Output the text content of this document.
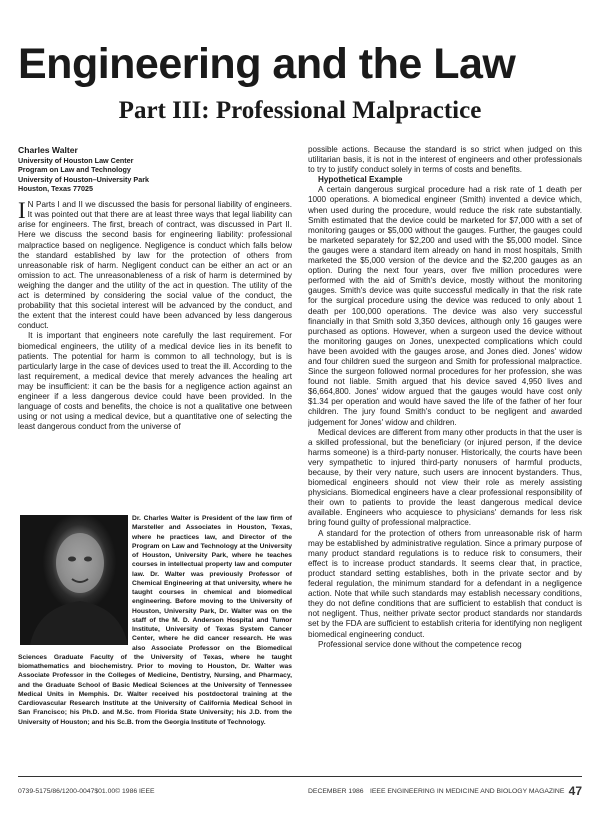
Engineering and the Law
Part III: Professional Malpractice
Charles Walter
University of Houston Law Center
Program on Law and Technology
University of Houston–University Park
Houston, Texas 77025

I N Parts I and II we discussed the basis for personal liability of engineers. It was pointed out that there are at least three ways that legal liability can arise for engineers. The first, breach of contract, was discussed in Part II. Here we discuss the second basis for engineering liability: professional malpractice based on negligence. Negligence is conduct which falls below the standard established by law for the protection of others from unreasonable risk of harm. Negligent conduct can be either an act or an omission to act. The unreasonableness of a risk of harm is determined by weighing the danger and the utility of the act in question. The utility of the act is determined by considering the social value of the conduct, the probability that this societal interest will be advanced by the conduct, and the extent that the interest could have been advanced by less dangerous conduct.

It is important that engineers note carefully the last requirement. For biomedical engineers, the utility of a medical device lies in its benefit to patients. The potential for harm is common to all technology, but is is particularly large in the case of devices used to treat the ill. According to the last requirement, a medical device that merely advances the healing art may be insufficient: it can be the basis for a negligence action against an engineer if a less dangerous device could have been provided. In the language of costs and benefits, the choice is not a qualitative one between using or not using a medical device, but a quantitative one of selecting the least dangerous conduct from the universe of

Dr. Charles Walter is President of the law firm of Marsteller and Associates in Houston, Texas, where he practices law, and Director of the Program on Law and Technology at the University of Houston, University Park, where he teaches courses in intellectual property law and computer law. Dr. Walter was previously Professor of Chemical Engineering at that university, where he taught courses in chemical and biomedical engineering. Before moving to the University of Houston, University Park, Dr. Walter was on the staff of the M. D. Anderson Hospital and Tumor Institute, University of Texas System Cancer Center, where he did cancer research. He was also Associate Professor on the Biomedical Sciences Graduate Faculty of the University of Texas, where he taught biomathematics and biochemistry. Prior to moving to Houston, Dr. Walter was Associate Professor in the Colleges of Medicine, Dentistry, Nursing, and Pharmacy, and the Graduate School of Basic Medical Sciences at the University of Tennessee Medical Units in Memphis. Dr. Walter received his postdoctoral training at the Cardiovascular Research Institute at the University of California Medical School in San Francisco; his Ph.D. and M.Sc. from Florida State University; his J.D. from the University of Houston; and his Sc.B. from the Georgia Institute of Technology.

possible actions. Because the standard is so strict when judged on this utilitarian basis, it is not in the interest of engineers and other professionals to try to justify conduct solely in terms of costs and benefits.

Hypothetical Example

A certain dangerous surgical procedure had a risk rate of 1 death per 1000 operations. A biomedical engineer (Smith) invented a device which, when used during the procedure, would reduce the risk rate substantially. Smith estimated that the device could be marketed for $7,000 with a set of monitoring gauges or $5,000 without the gauges. Further, the gauges could be marketed separately for $2,200 and used with the $5,000 model. Since the gauges were a standard item already on hand in most hospitals, Smith marketed the $5,000 version of the device and the $2,200 gauges as an option. During the next four years, over five million procedures were performed with the aid of Smith's device, mostly without the monitoring gauges. Smith's device was quite successful medically in that the risk rate for the surgical procedure using the device was reduced to only about 1 death per 100,000 operations. The device was also very successful financially in that Smith sold 3,350 devices, although only 16 gauges were purchased as options. However, when a surgeon used the device without the monitoring gauges on Jones, unexpected complications which could have been avoided with the gauges arose, and Jones died. Jones' widow and four children sued the surgeon and Smith for professional malpractice. Since the surgeon followed normal procedures for her profession, she was found not liable. Smith argued that his device saved 4,950 lives and $6,664,800. Jones' widow argued that the gauges would have cost only $1.34 per operation and would have saved the life of the father of her four children. The jury found Smith's conduct to be negligent and awarded judgement for Jones' widow and children.

Medical devices are different from many other products in that the user is a skilled professional, but the beneficiary (or injured person, if the device harms someone) is a third-party nonuser. Historically, the courts have been very sympathetic to injured third-party nonusers of harmful products, because, by their very nature, such users are innocent bystanders. Thus, biomedical engineers should not view their role as merely assisting physicians. Biomedical engineers have a clear professional responsibility of their own to patients to provide the least dangerous medical device available. Engineers who acquiesce to physicians' demands for less risk bring found guilty of professional malpractice.

A standard for the protection of others from unreasonable risk of harm may be established by administrative regulation. Since a primary purpose of many product standard regulations is to reduce risk to consumers, their effect is to increase product standards. It seems clear that, in practice, product standard setting establishes, both in the private sector and by federal regulation, the minimum standard for a defendant in a negligence action. Note that while such standards may establish necessary conditions, they do not define conditions that are sufficient to establish that conduct is not negligent. Thus, neither private sector product standards nor standards set by the FDA are sufficient to establish criteria for identifying non negligent biomedical engineering conduct.

Professional service done without the competence recog

0739-5175/86/1200-0047$01.00© 1986 IEEE	DECEMBER 1986 IEEE ENGINEERING IN MEDICINE AND BIOLOGY MAGAZINE 47
